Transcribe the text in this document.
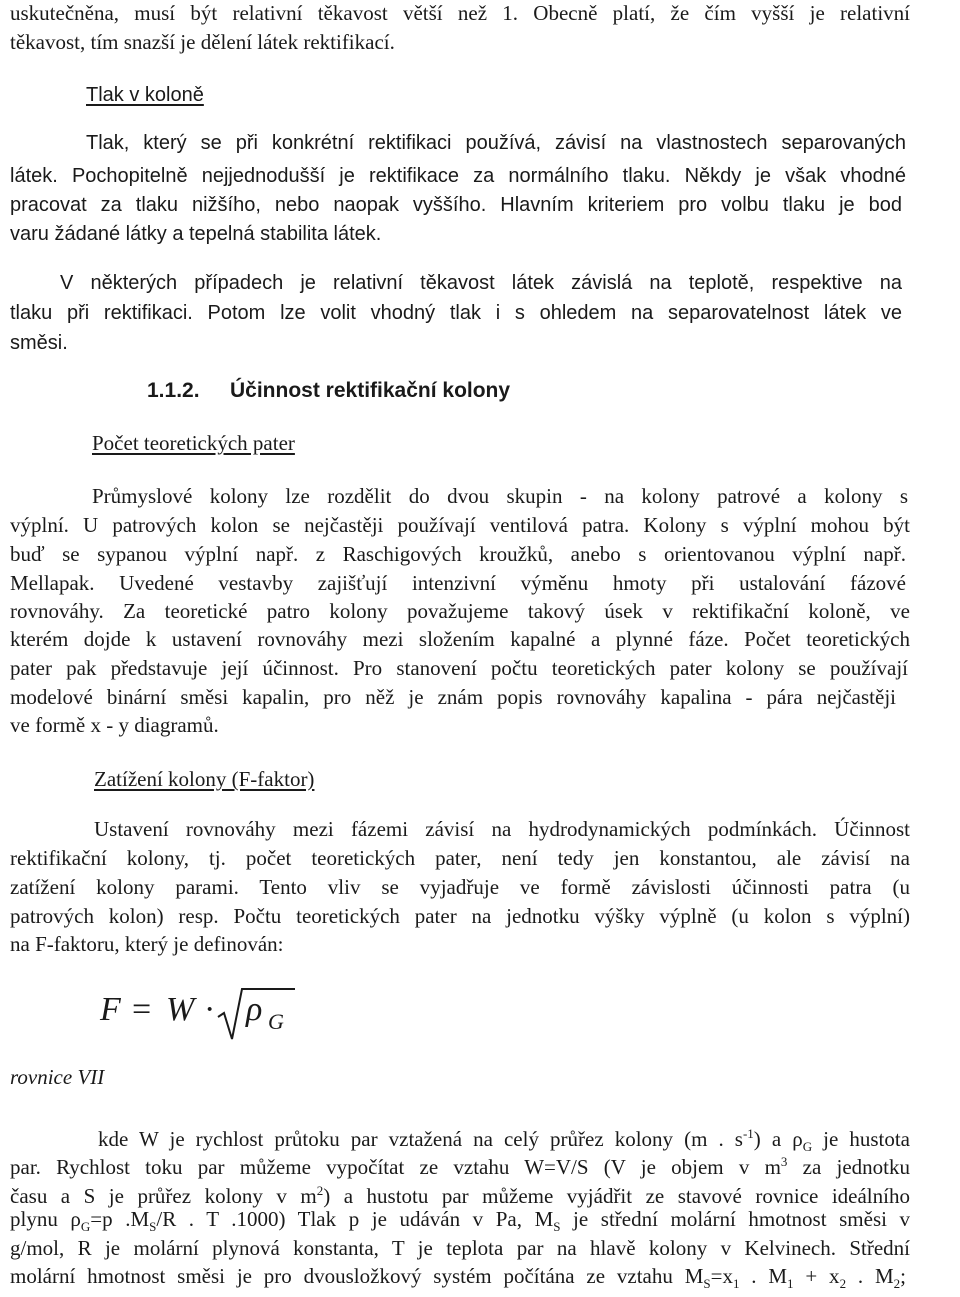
uskutečněna, musí být relativní těkavost větší než 1. Obecně platí, že čím vyšší je relativní
těkavost, tím snazší je dělení látek rektifikací.
Tlak v koloně
Tlak, který se při konkrétní rektifikaci používá, závisí na vlastnostech separovaných
látek. Pochopitelně nejjednodušší je rektifikace za normálního tlaku. Někdy je však vhodné
pracovat za tlaku nižšího, nebo naopak vyššího. Hlavním kriteriem pro volbu tlaku je bod
varu žádané látky a tepelná stabilita látek.
V některých případech je relativní těkavost látek závislá na teplotě, respektive na
tlaku při rektifikaci. Potom lze volit vhodný tlak i s ohledem na separovatelnost látek ve
směsi.
1.1.2. Účinnost rektifikační kolony
Počet teoretických pater
Průmyslové kolony lze rozdělit do dvou skupin - na kolony patrové a kolony s
výplní. U patrových kolon se nejčastěji používají ventilová patra. Kolony s výplní mohou být
buď se sypanou výplní např. z Raschigových kroužků, anebo s orientovanou výplní např.
Mellapak. Uvedené vestavby zajišťují intenzivní výměnu hmoty při ustalování fázové
rovnováhy. Za teoretické patro kolony považujeme takový úsek v rektifikační koloně, ve
kterém dojde k ustavení rovnováhy mezi složením kapalné a plynné fáze. Počet teoretických
pater pak představuje její účinnost. Pro stanovení počtu teoretických pater kolony se používají
modelové binární směsi kapalin, pro něž je znám popis rovnováhy kapalina - pára nejčastěji
ve formě x - y diagramů.
Zatížení kolony (F-faktor)
Ustavení rovnováhy mezi fázemi závisí na hydrodynamických podmínkách. Účinnost
rektifikační kolony, tj. počet teoretických pater, není tedy jen konstantou, ale závisí na
zatížení kolony parami. Tento vliv se vyjadřuje ve formě závislosti účinnosti patra (u
patrových kolon) resp. Počtu teoretických pater na jednotku výšky výplně (u kolon s výplní)
na F-faktoru, který je definován:
F = W · ρ G
rovnice VII
kde W je rychlost průtoku par vztažená na celý průřez kolony (m . $s^{-1}$) a $\rho_G$ je hustota
par. Rychlost toku par můžeme vypočítat ze vztahu W=V/S (V je objem v $m^3$ za jednotku
času a S je průřez kolony v $m^2$) a hustotu par můžeme vyjádřit ze stavové rovnice ideálního
plynu $\rho_G=p$ $.M_S/R$ . T .1000) Tlak p je udáván v Pa, $M_S$ je střední molární hmotnost směsi v
g/mol, R je molární plynová konstanta, T je teplota par na hlavě kolony v Kelvinech. Střední
molární hmotnost směsi je pro dvousložkový systém počítána ze vztahu $M_S=x_1$ . $M_1 + x_2$ . $M_2$;
